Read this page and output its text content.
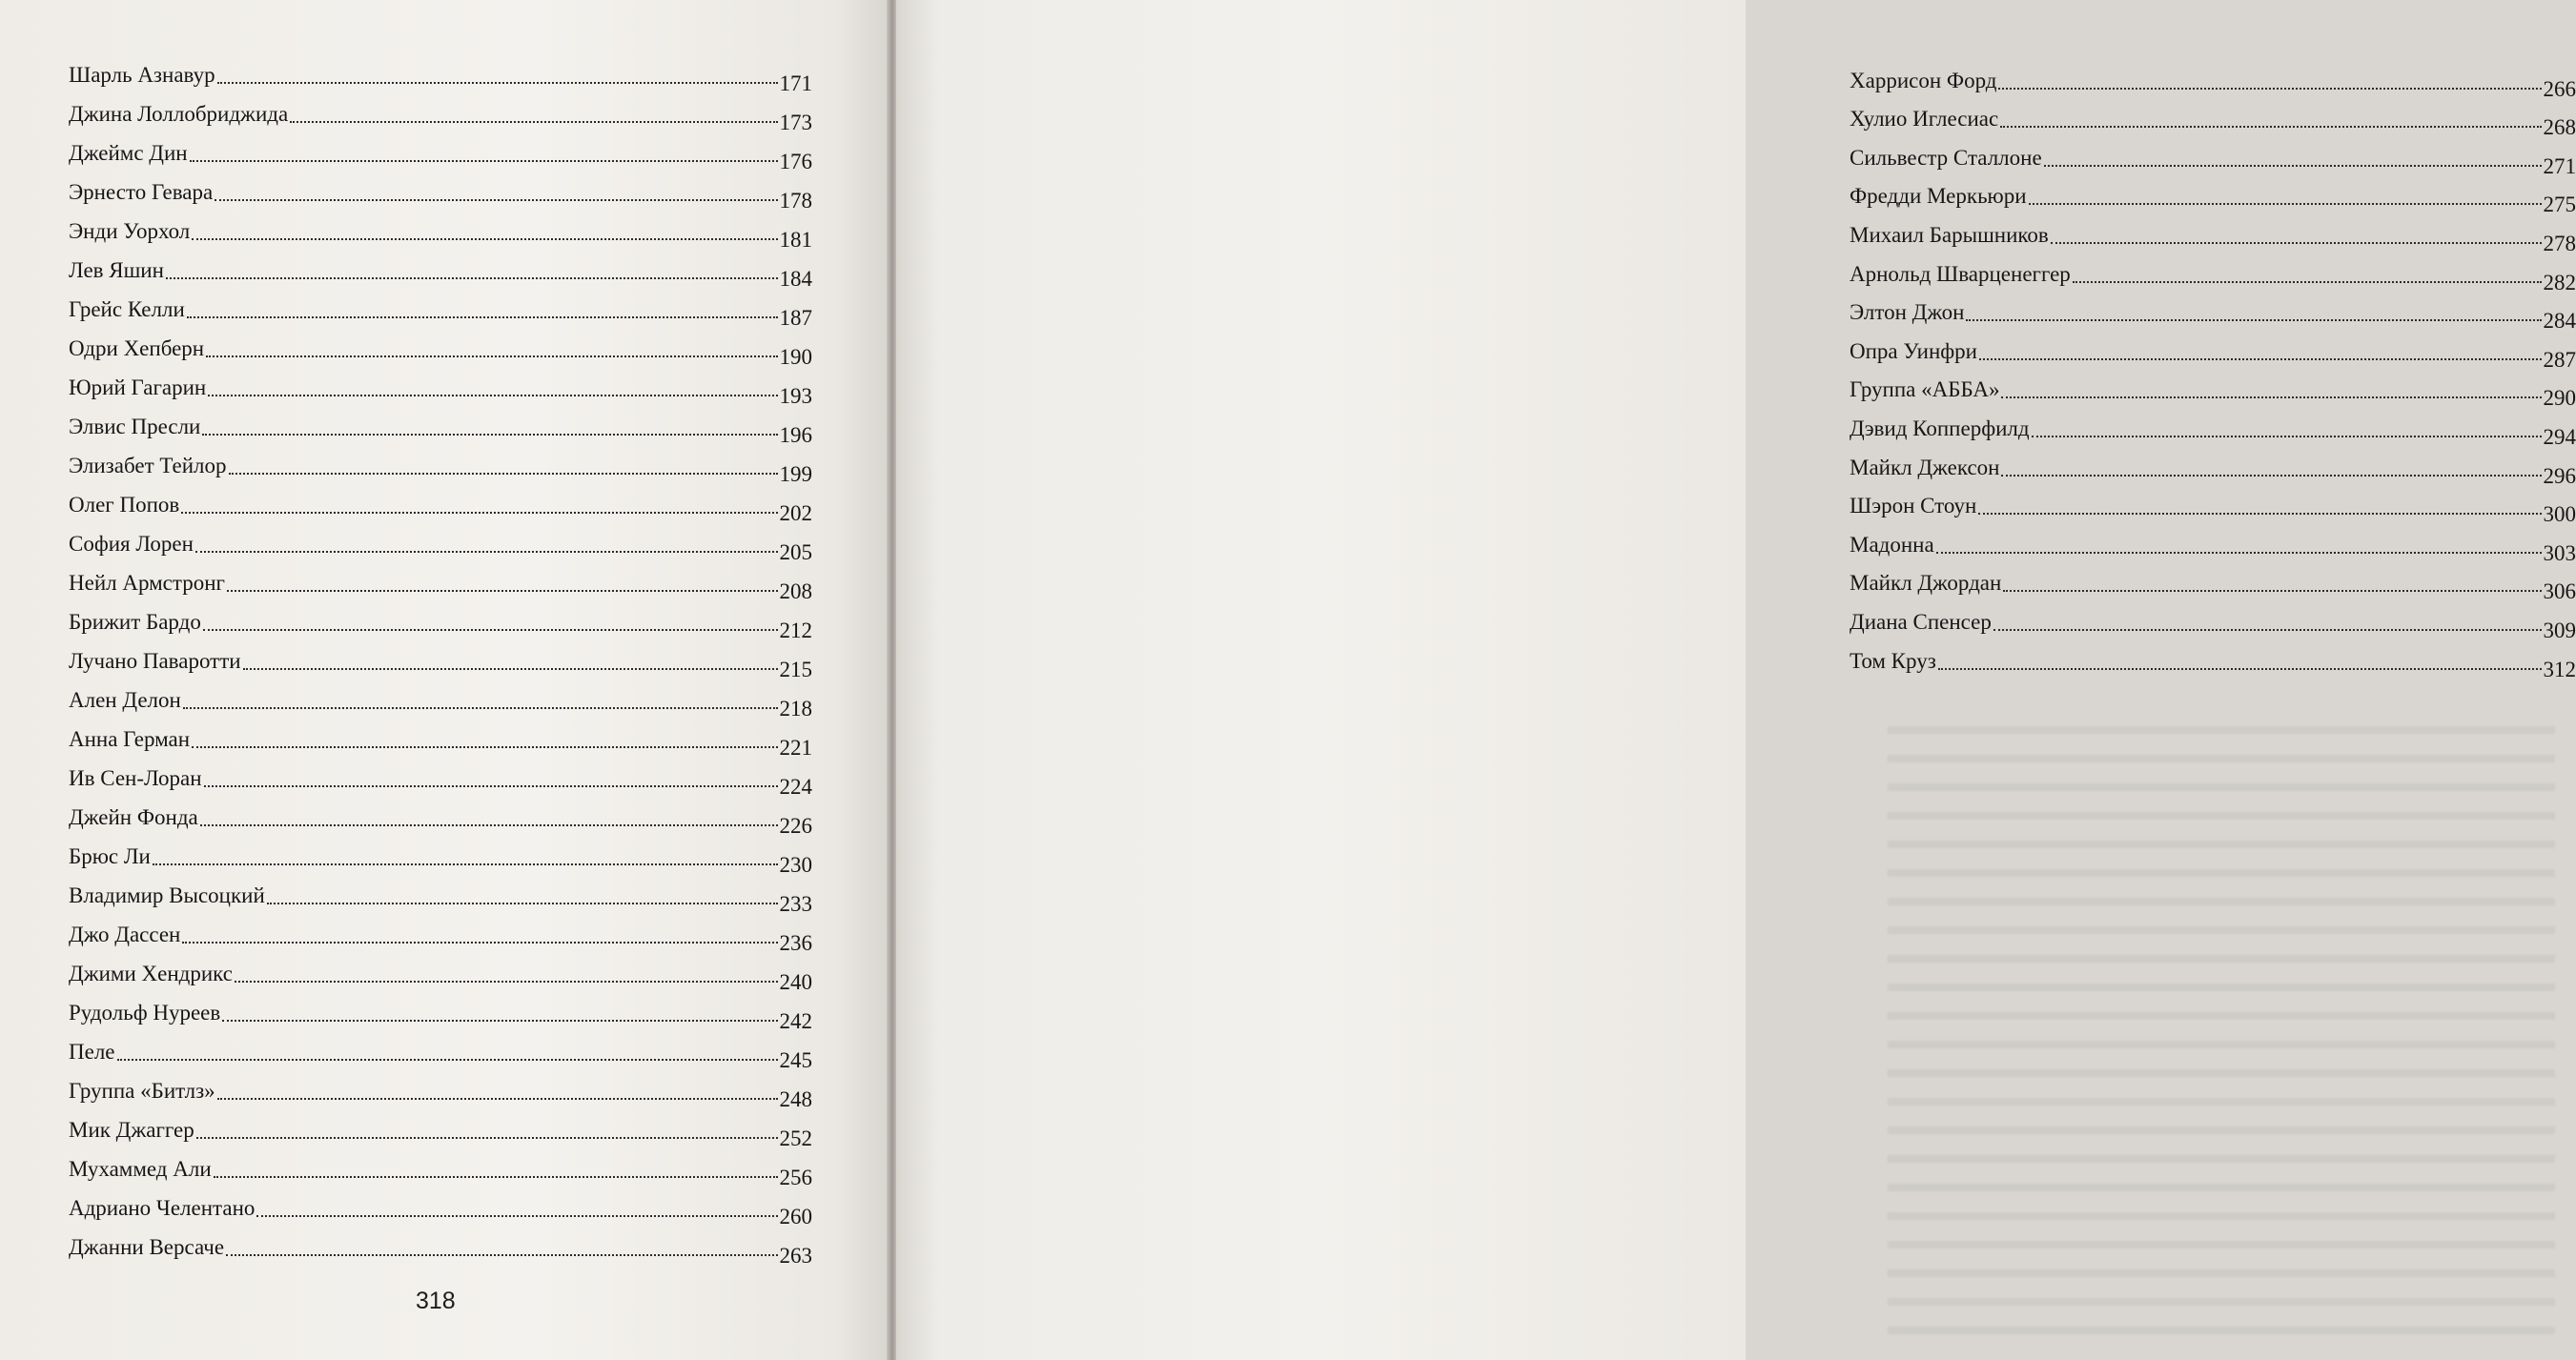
Шарль Азнавур	171
Джина Лоллобриджида	173
Джеймс Дин	176
Эрнесто Гевара	178
Энди Уорхол	181
Лев Яшин	184
Грейс Келли	187
Одри Хепберн	190
Юрий Гагарин	193
Элвис Пресли	196
Элизабет Тейлор	199
Олег Попов	202
София Лорен	205
Нейл Армстронг	208
Брижит Бардо	212
Лучано Паваротти	215
Ален Делон	218
Анна Герман	221
Ив Сен-Лоран	224
Джейн Фонда	226
Брюс Ли	230
Владимир Высоцкий	233
Джо Дассен	236
Джими Хендрикс	240
Рудольф Нуреев	242
Пеле	245
Группа «Битлз»	248
Мик Джаггер	252
Мухаммед Али	256
Адриано Челентано	260
Джанни Версаче	263
318
Харрисон Форд	266
Хулио Иглесиас	268
Сильвестр Сталлоне	271
Фредди Меркьюри	275
Михаил Барышников	278
Арнольд Шварценеггер	282
Элтон Джон	284
Опра Уинфри	287
Группа «АББА»	290
Дэвид Копперфилд	294
Майкл Джексон	296
Шэрон Стоун	300
Мадонна	303
Майкл Джордан	306
Диана Спенсер	309
Том Круз	312
